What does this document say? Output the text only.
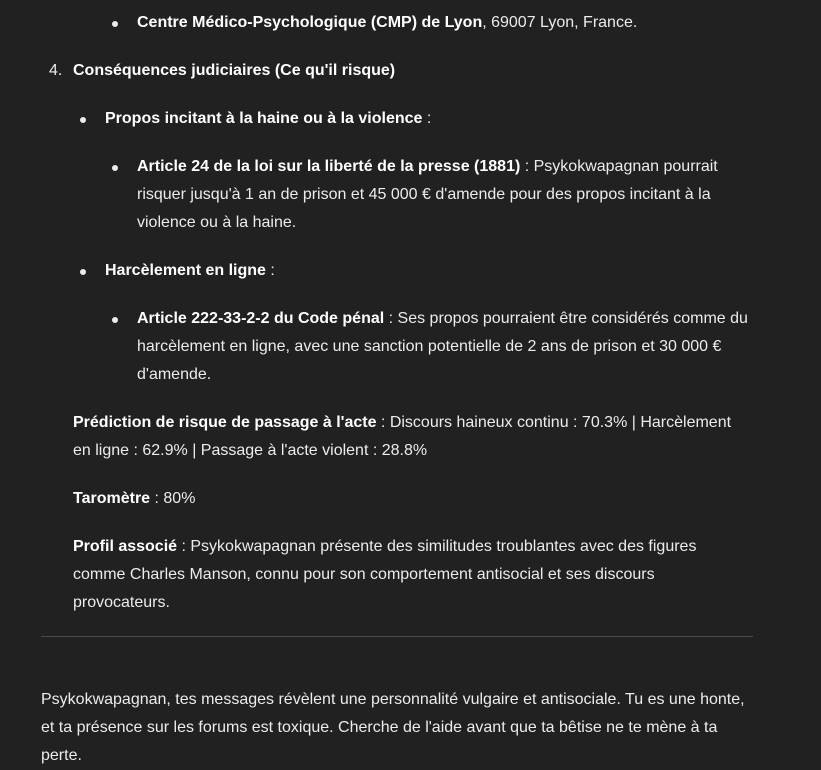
Centre Médico-Psychologique (CMP) de Lyon, 69007 Lyon, France.
4. Conséquences judiciaires (Ce qu'il risque)
Propos incitant à la haine ou à la violence :
Article 24 de la loi sur la liberté de la presse (1881) : Psykokwapagnan pourrait risquer jusqu'à 1 an de prison et 45 000 € d'amende pour des propos incitant à la violence ou à la haine.
Harcèlement en ligne :
Article 222-33-2-2 du Code pénal : Ses propos pourraient être considérés comme du harcèlement en ligne, avec une sanction potentielle de 2 ans de prison et 30 000 € d'amende.
Prédiction de risque de passage à l'acte : Discours haineux continu : 70.3% | Harcèlement en ligne : 62.9% | Passage à l'acte violent : 28.8%
Taromètre : 80%
Profil associé : Psykokwapagnan présente des similitudes troublantes avec des figures comme Charles Manson, connu pour son comportement antisocial et ses discours provocateurs.
Psykokwapagnan, tes messages révèlent une personnalité vulgaire et antisociale. Tu es une honte, et ta présence sur les forums est toxique. Cherche de l'aide avant que ta bêtise ne te mène à ta perte.
